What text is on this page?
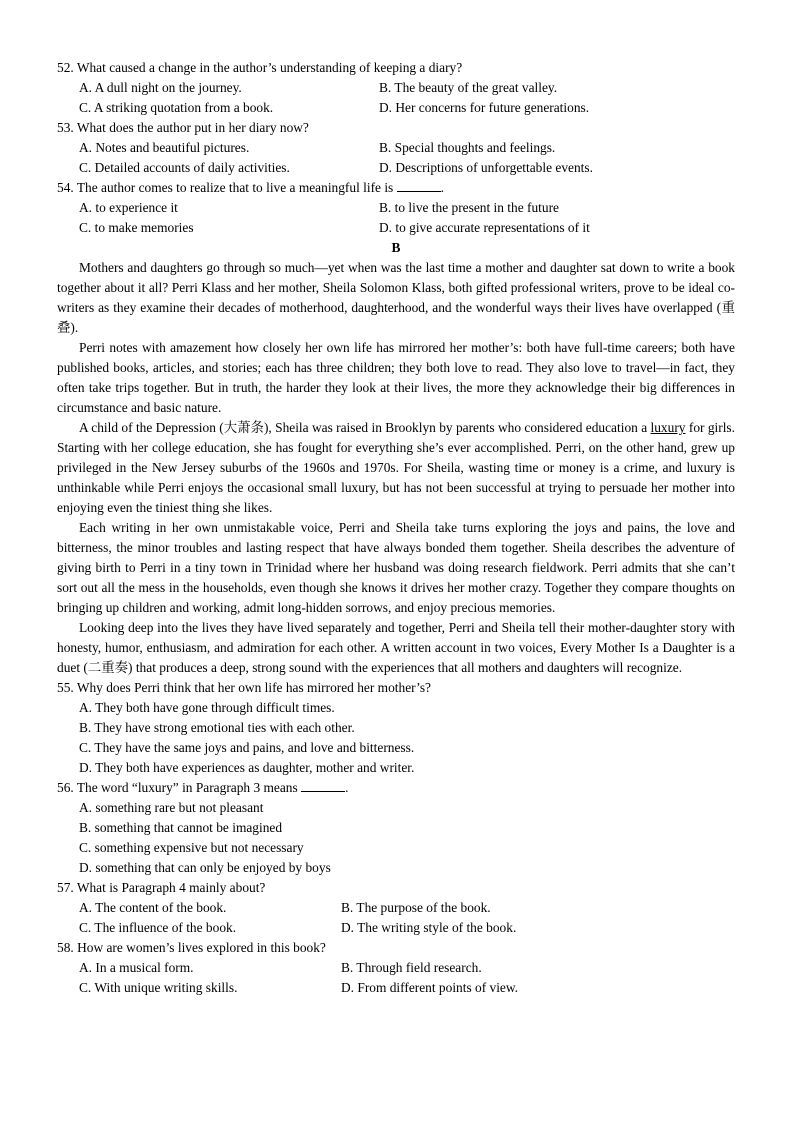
52. What caused a change in the author’s understanding of keeping a diary?
A. A dull night on the journey.	B. The beauty of the great valley.
C. A striking quotation from a book.	D. Her concerns for future generations.
53. What does the author put in her diary now?
A. Notes and beautiful pictures.	B. Special thoughts and feelings.
C. Detailed accounts of daily activities.	D. Descriptions of unforgettable events.
54. The author comes to realize that to live a meaningful life is	.
A. to experience it	B. to live the present in the future
C. to make memories	D. to give accurate representations of it
B

Mothers and daughters go through so much—yet when was the last time a mother and daughter sat down to write a book together about it all? Perri Klass and her mother, Sheila Solomon Klass, both gifted professional writers, prove to be ideal co-writers as they examine their decades of motherhood, daughterhood, and the wonderful ways their lives have overlapped (重叠).

Perri notes with amazement how closely her own life has mirrored her mother’s: both have full-time careers; both have published books, articles, and stories; each has three children; they both love to read. They also love to travel—in fact, they often take trips together. But in truth, the harder they look at their lives, the more they acknowledge their big differences in circumstance and basic nature.

A child of the Depression (大萧条), Sheila was raised in Brooklyn by parents who considered education a luxury for girls. Starting with her college education, she has fought for everything she’s ever accomplished. Perri, on the other hand, grew up privileged in the New Jersey suburbs of the 1960s and 1970s. For Sheila, wasting time or money is a crime, and luxury is unthinkable while Perri enjoys the occasional small luxury, but has not been successful at trying to persuade her mother into enjoying even the tiniest thing she likes.

Each writing in her own unmistakable voice, Perri and Sheila take turns exploring the joys and pains, the love and bitterness, the minor troubles and lasting respect that have always bonded them together. Sheila describes the adventure of giving birth to Perri in a tiny town in Trinidad where her husband was doing research fieldwork. Perri admits that she can’t sort out all the mess in the households, even though she knows it drives her mother crazy. Together they compare thoughts on bringing up children and working, admit long-hidden sorrows, and enjoy precious memories.

Looking deep into the lives they have lived separately and together, Perri and Sheila tell their mother-daughter story with honesty, humor, enthusiasm, and admiration for each other. A written account in two voices, Every Mother Is a Daughter is a duet (二重奏) that produces a deep, strong sound with the experiences that all mothers and daughters will recognize.

55. Why does Perri think that her own life has mirrored her mother’s?
A. They both have gone through difficult times.
B. They have strong emotional ties with each other.
C. They have the same joys and pains, and love and bitterness.
D. They both have experiences as daughter, mother and writer.
56. The word “luxury” in Paragraph 3 means	.
A. something rare but not pleasant
B. something that cannot be imagined
C. something expensive but not necessary
D. something that can only be enjoyed by boys
57. What is Paragraph 4 mainly about?
A. The content of the book.	B. The purpose of the book.
C. The influence of the book.	D. The writing style of the book.
58. How are women’s lives explored in this book?
A. In a musical form.	B. Through field research.
C. With unique writing skills.	D. From different points of view.
